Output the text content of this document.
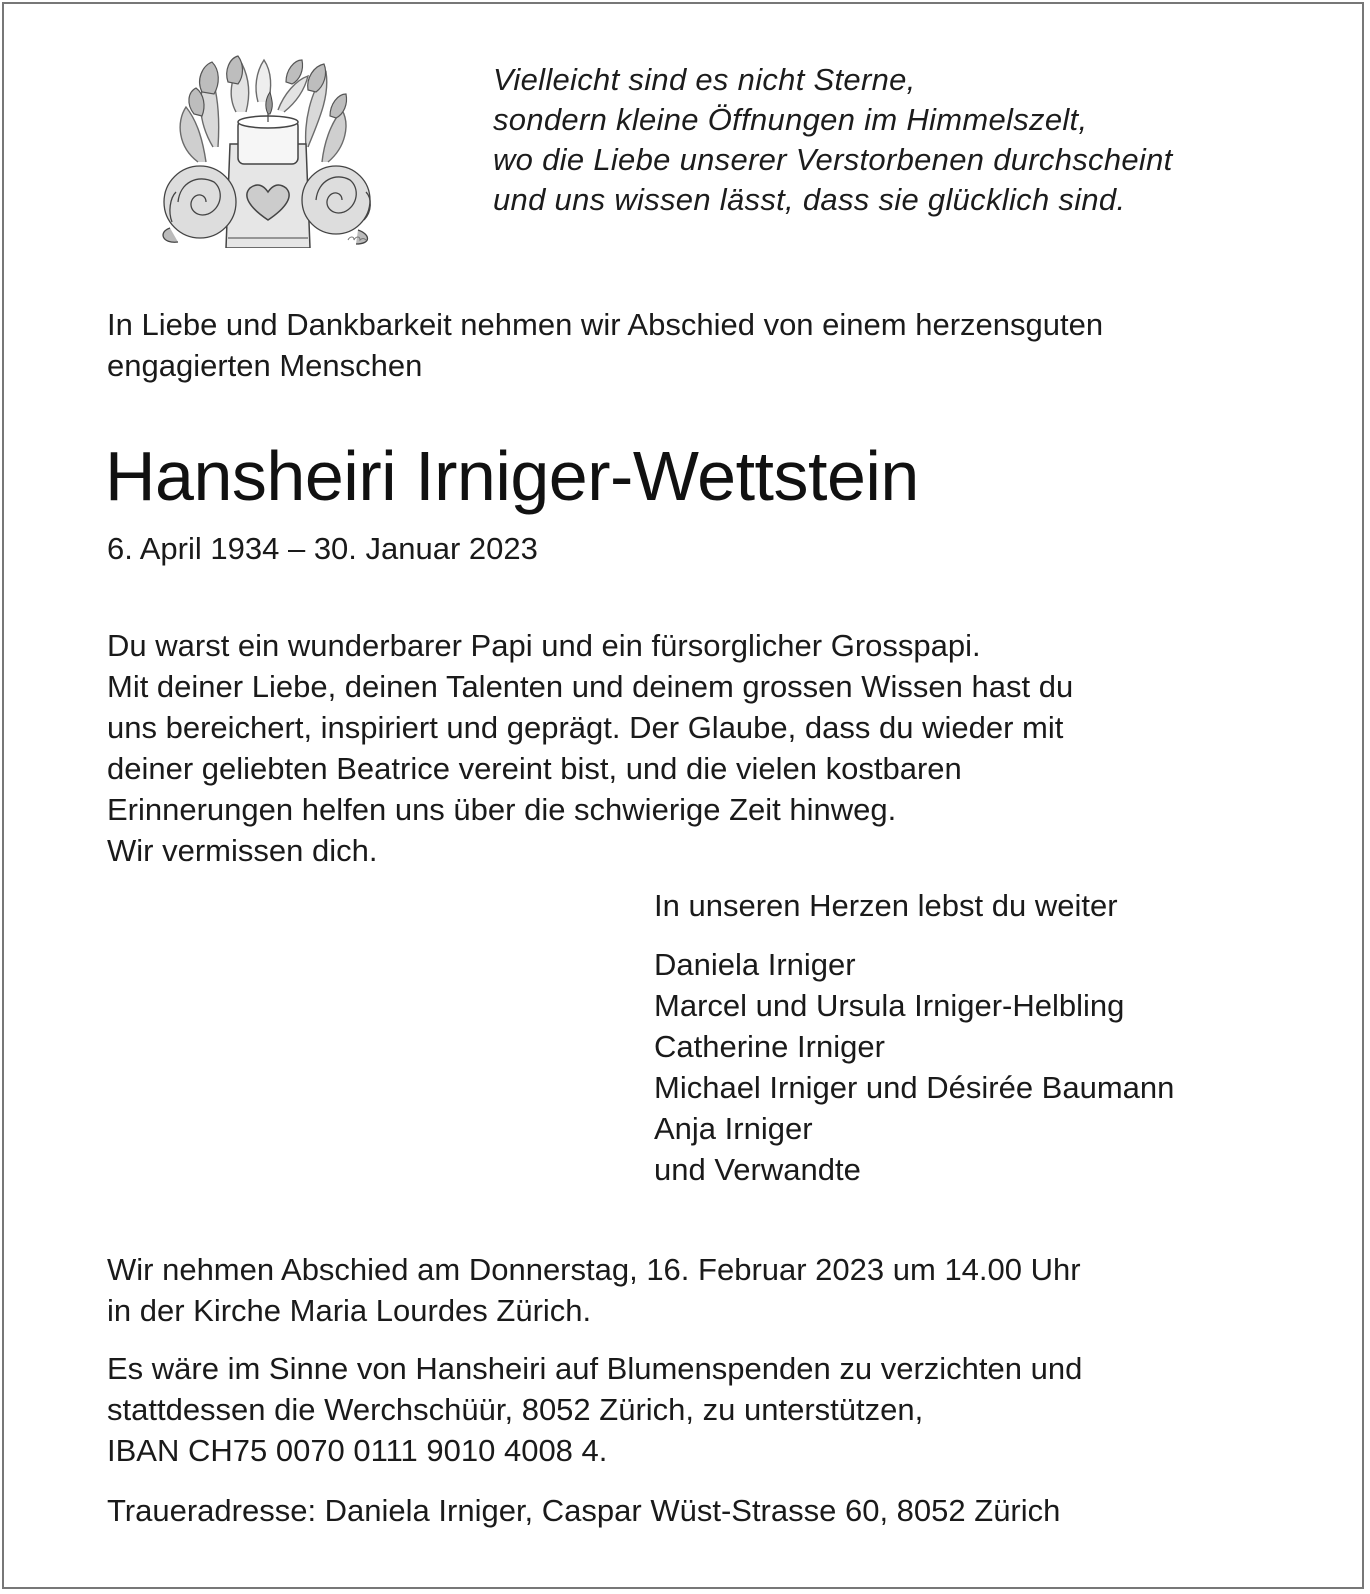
Vielleicht sind es nicht Sterne,
sondern kleine Öffnungen im Himmelszelt,
wo die Liebe unserer Verstorbenen durchscheint
und uns wissen lässt, dass sie glücklich sind.
In Liebe und Dankbarkeit nehmen wir Abschied von einem herzensguten
engagierten Menschen
Hansheiri Irniger-Wettstein
6. April 1934 – 30. Januar 2023
Du warst ein wunderbarer Papi und ein fürsorglicher Grosspapi.
Mit deiner Liebe, deinen Talenten und deinem grossen Wissen hast du
uns bereichert, inspiriert und geprägt. Der Glaube, dass du wieder mit
deiner geliebten Beatrice vereint bist, und die vielen kostbaren
Erinnerungen helfen uns über die schwierige Zeit hinweg.
Wir vermissen dich.
In unseren Herzen lebst du weiter
Daniela Irniger
Marcel und Ursula Irniger-Helbling
Catherine Irniger
Michael Irniger und Désirée Baumann
Anja Irniger
und Verwandte
Wir nehmen Abschied am Donnerstag, 16. Februar 2023 um 14.00 Uhr
in der Kirche Maria Lourdes Zürich.
Es wäre im Sinne von Hansheiri auf Blumenspenden zu verzichten und
stattdessen die Werchschüür, 8052 Zürich, zu unterstützen,
IBAN CH75 0070 0111 9010 4008 4.
Traueradresse: Daniela Irniger, Caspar Wüst-Strasse 60, 8052 Zürich
